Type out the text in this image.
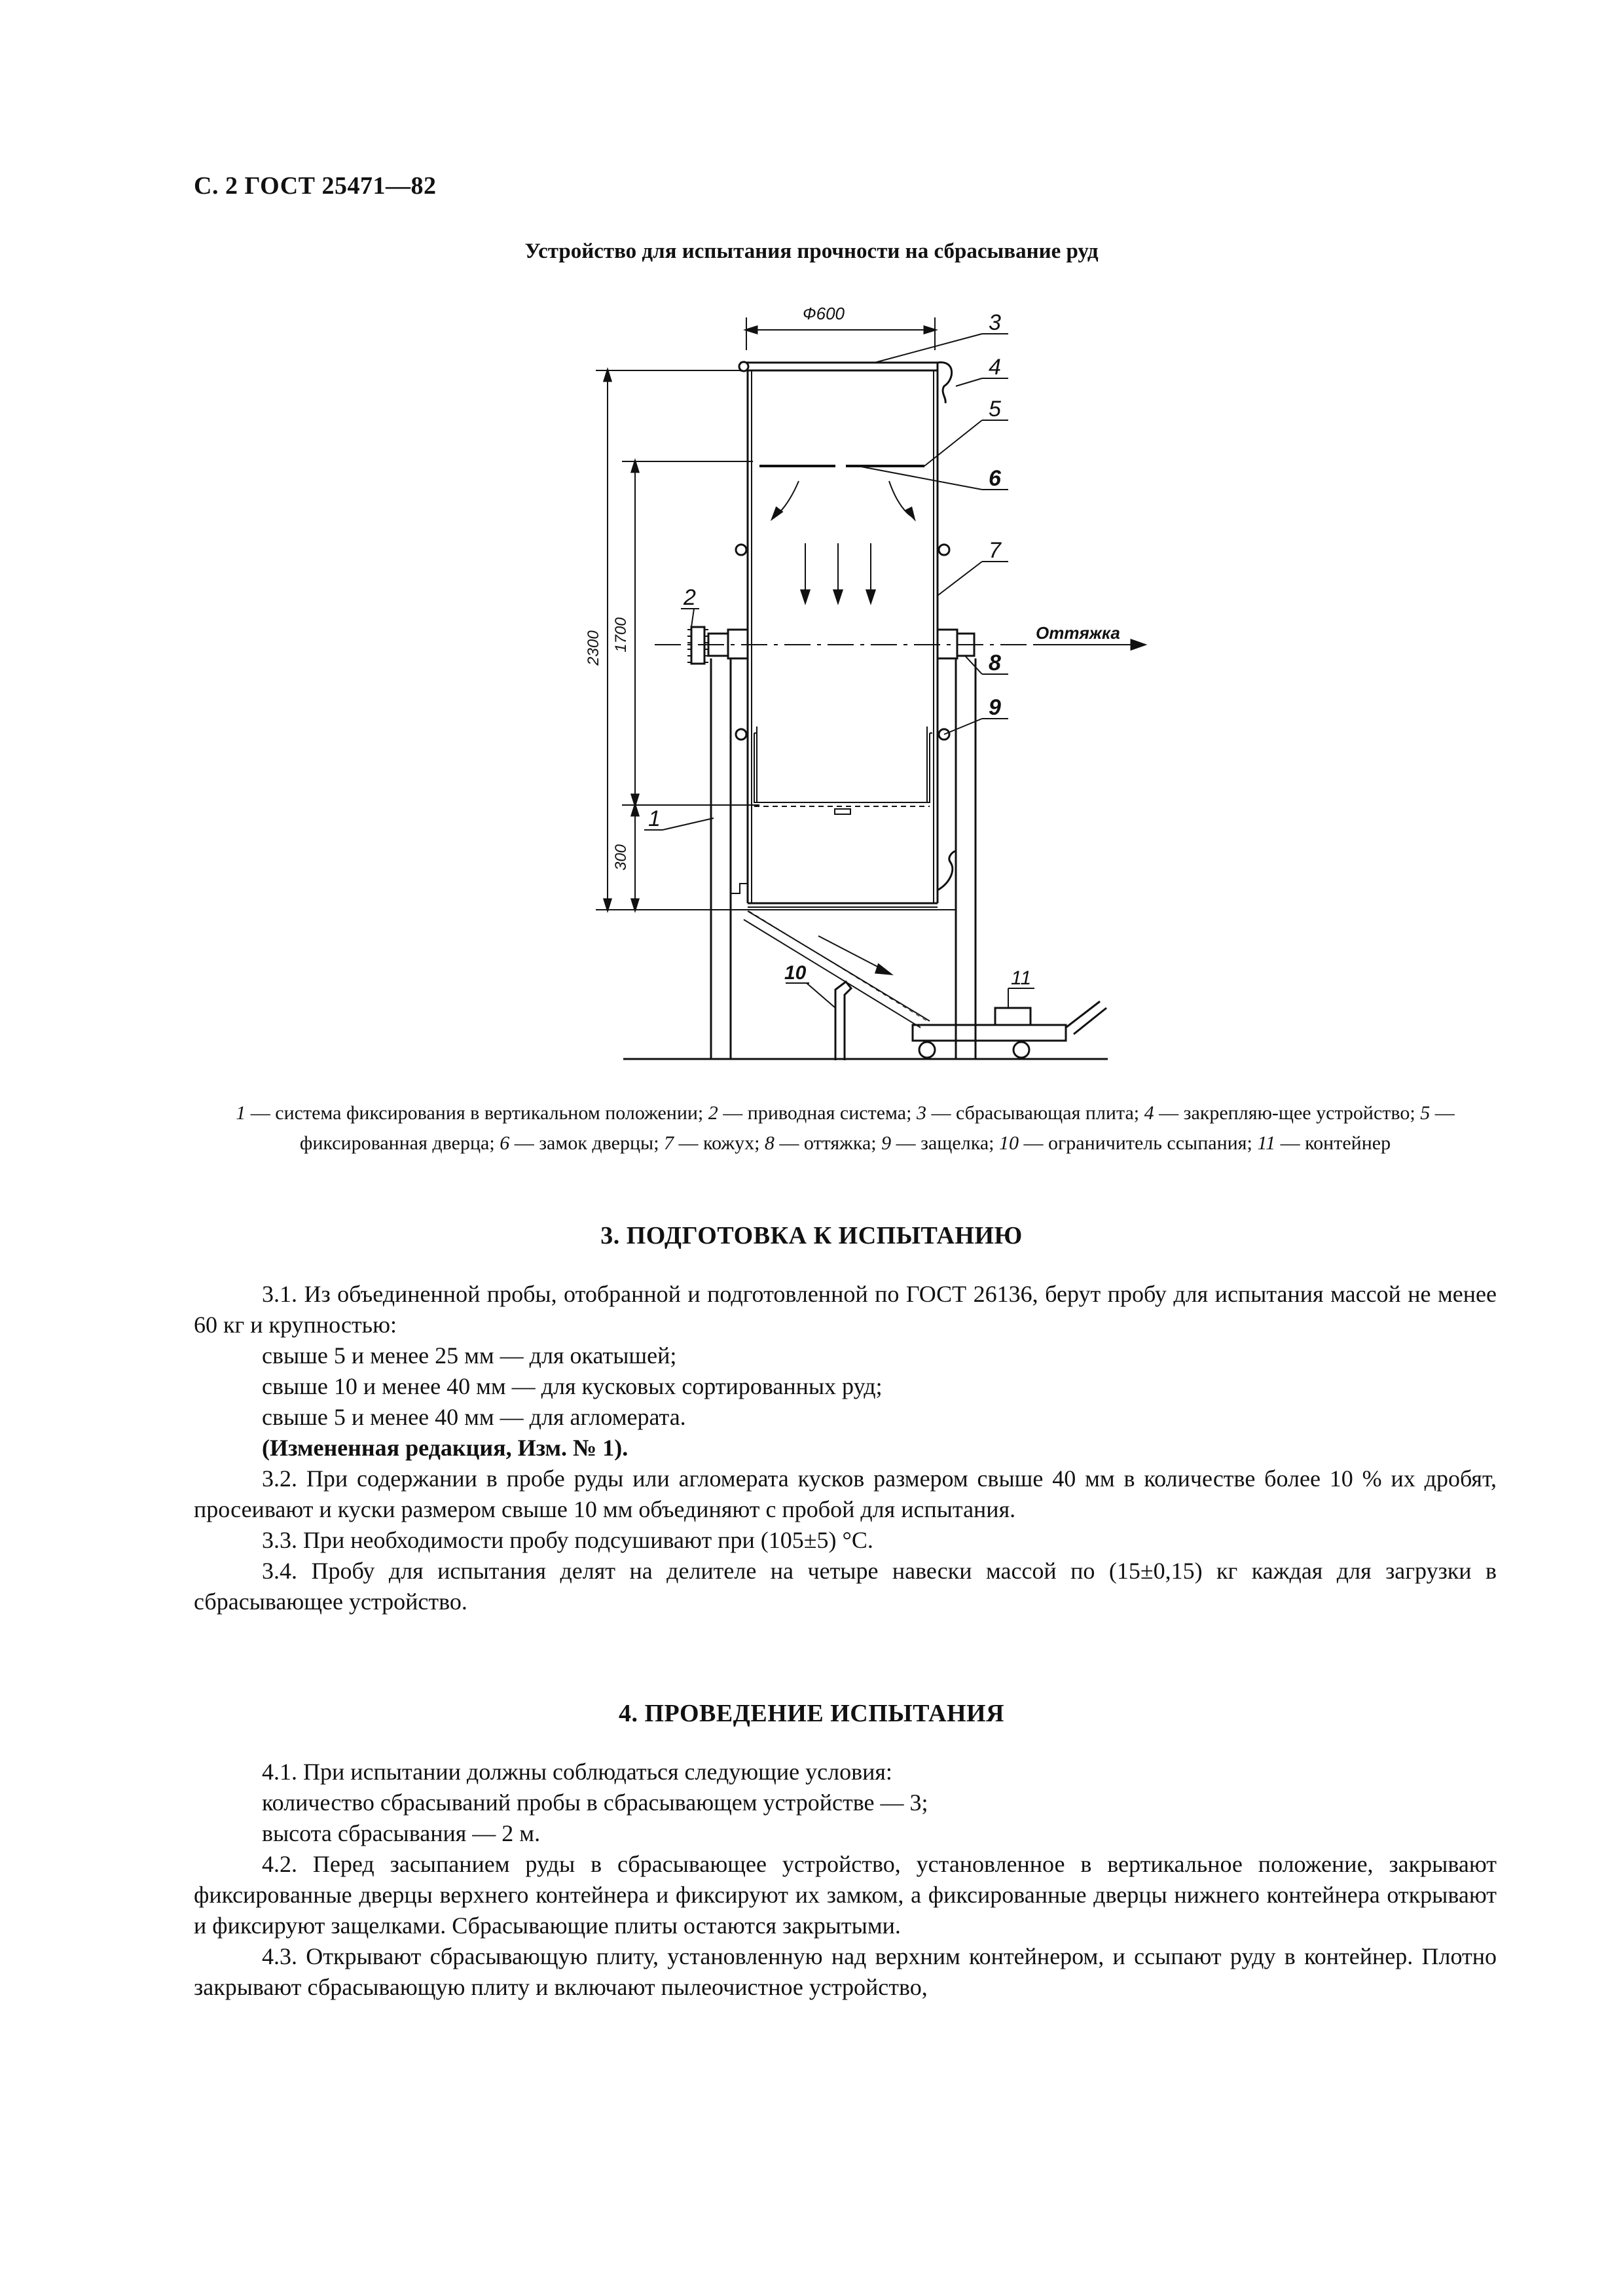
С. 2 ГОСТ 25471—82
Устройство для испытания прочности на сбрасывание руд
Ф600
2300 1700
300
3
4
5
6
7
8
9
2
1
10	11
Оттяжка
1 — система фиксирования в вертикальном положении; 2 — приводная система; 3 — сбрасывающая плита; 4 — закрепляю-щее устройство; 5 — фиксированная дверца; 6 — замок дверцы; 7 — кожух; 8 — оттяжка; 9 — защелка; 10 — ограничитель ссыпания; 11 — контейнер
3. ПОДГОТОВКА К ИСПЫТАНИЮ

3.1. Из объединенной пробы, отобранной и подготовленной по ГОСТ 26136, берут пробу для испытания массой не менее 60 кг и крупностью:

свыше 5 и менее 25 мм — для окатышей;

свыше 10 и менее 40 мм — для кусковых сортированных руд;

свыше 5 и менее 40 мм — для агломерата.

(Измененная редакция, Изм. № 1).

3.2. При содержании в пробе руды или агломерата кусков размером свыше 40 мм в количестве более 10 % их дробят, просеивают и куски размером свыше 10 мм объединяют с пробой для испытания.

3.3. При необходимости пробу подсушивают при (105±5) °С.

3.4. Пробу для испытания делят на делителе на четыре навески массой по (15±0,15) кг каждая для загрузки в сбрасывающее устройство.

4. ПРОВЕДЕНИЕ ИСПЫТАНИЯ

4.1. При испытании должны соблюдаться следующие условия:

количество сбрасываний пробы в сбрасывающем устройстве — 3;

высота сбрасывания — 2 м.

4.2. Перед засыпанием руды в сбрасывающее устройство, установленное в вертикальное положение, закрывают фиксированные дверцы верхнего контейнера и фиксируют их замком, а фиксированные дверцы нижнего контейнера открывают и фиксируют защелками. Сбрасывающие плиты остаются закрытыми.

4.3. Открывают сбрасывающую плиту, установленную над верхним контейнером, и ссыпают руду в контейнер. Плотно закрывают сбрасывающую плиту и включают пылеочистное устройство,
